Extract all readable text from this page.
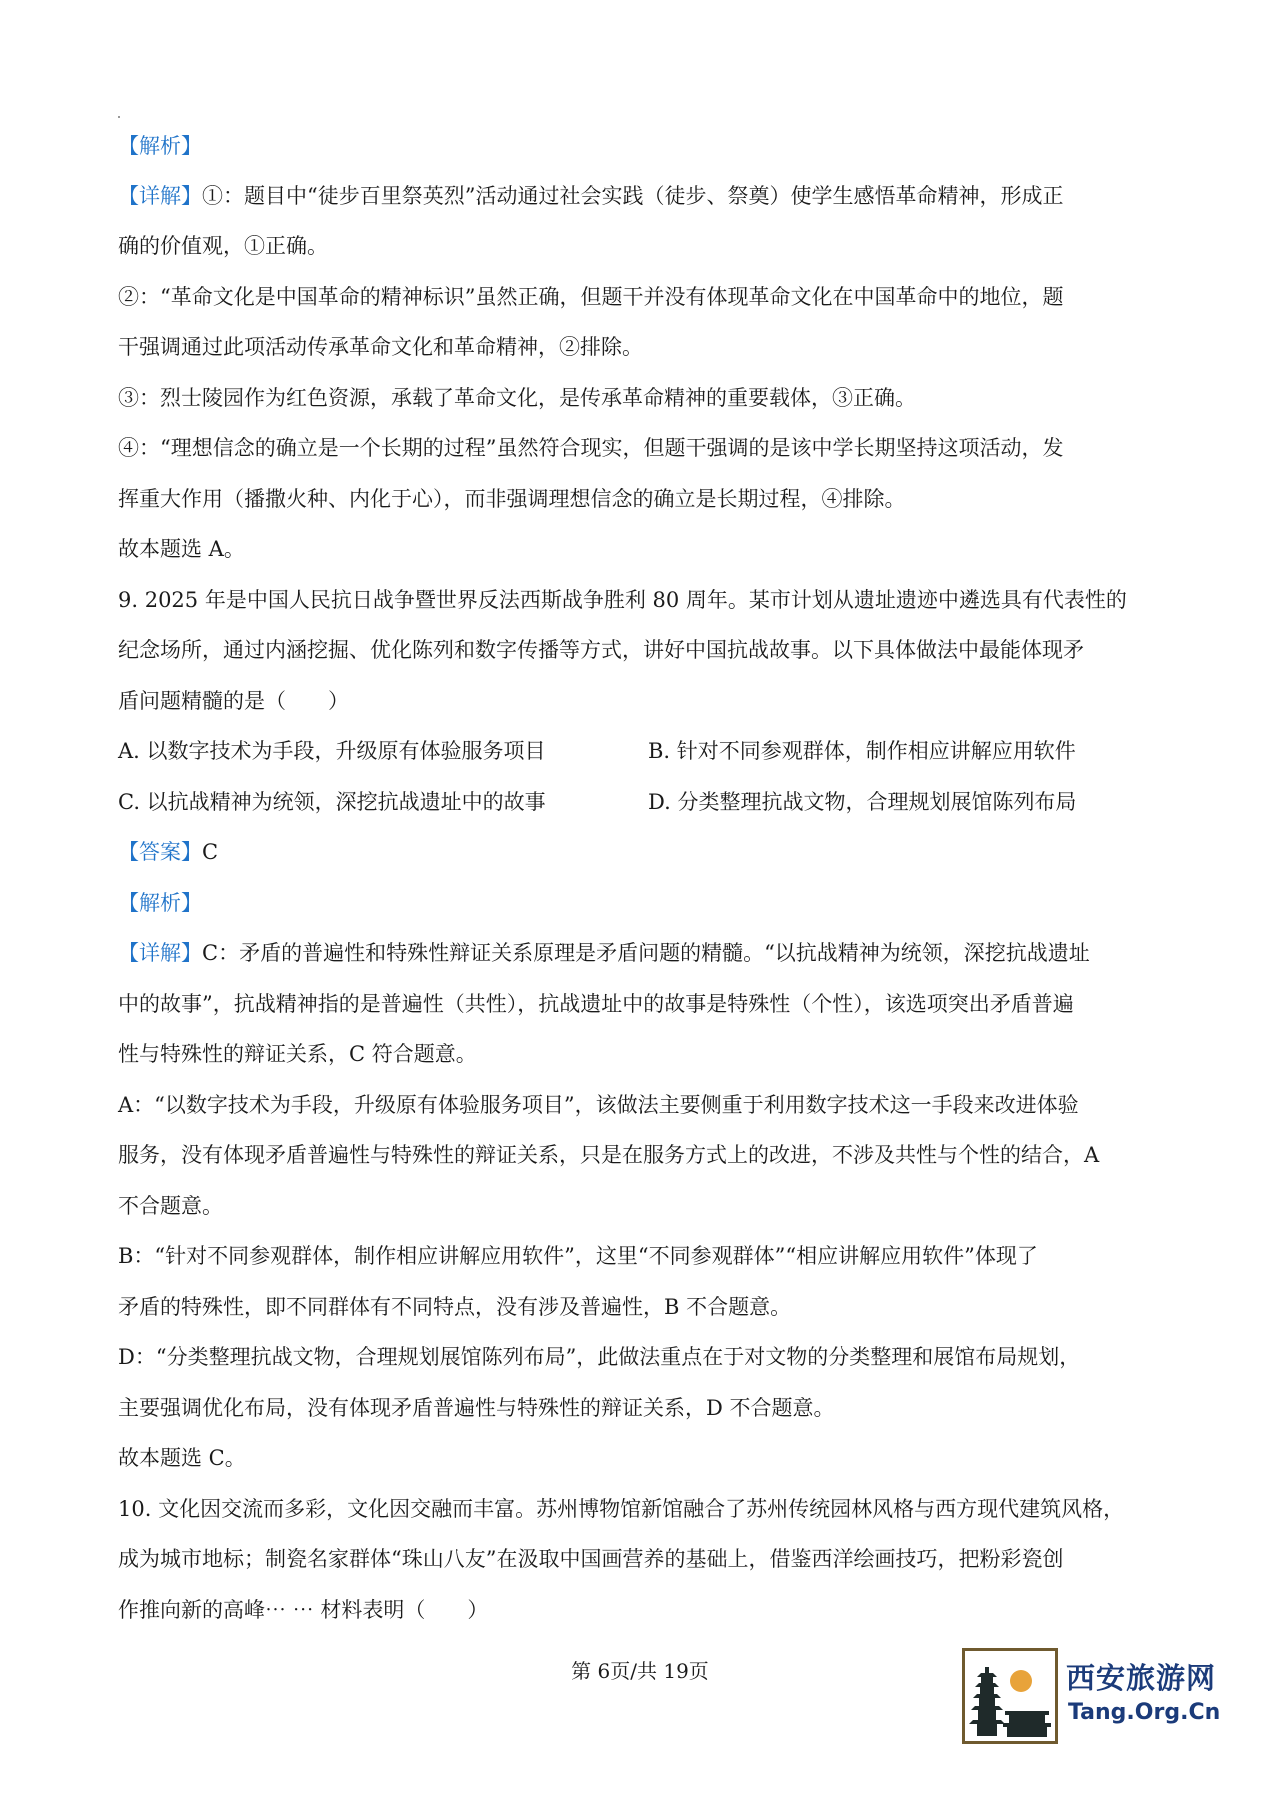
【解析】
【详解】①：题目中“徒步百里祭英烈”活动通过社会实践（徒步、祭奠）使学生感悟革命精神，形成正
确的价值观，①正确。
②：“革命文化是中国革命的精神标识”虽然正确，但题干并没有体现革命文化在中国革命中的地位，题
干强调通过此项活动传承革命文化和革命精神，②排除。
③：烈士陵园作为红色资源，承载了革命文化，是传承革命精神的重要载体，③正确。
④：“理想信念的确立是一个长期的过程”虽然符合现实，但题干强调的是该中学长期坚持这项活动，发
挥重大作用（播撒火种、内化于心），而非强调理想信念的确立是长期过程，④排除。
故本题选 A。
9. 2025 年是中国人民抗日战争暨世界反法西斯战争胜利 80 周年。某市计划从遗址遗迹中遴选具有代表性的
纪念场所，通过内涵挖掘、优化陈列和数字传播等方式，讲好中国抗战故事。以下具体做法中最能体现矛
盾问题精髓的是（　　）
A. 以数字技术为手段，升级原有体验服务项目	B. 针对不同参观群体，制作相应讲解应用软件
C. 以抗战精神为统领，深挖抗战遗址中的故事	D. 分类整理抗战文物，合理规划展馆陈列布局
【答案】C
【解析】
【详解】C：矛盾的普遍性和特殊性辩证关系原理是矛盾问题的精髓。“以抗战精神为统领，深挖抗战遗址
中的故事”，抗战精神指的是普遍性（共性），抗战遗址中的故事是特殊性（个性），该选项突出矛盾普遍
性与特殊性的辩证关系，C 符合题意。
A：“以数字技术为手段，升级原有体验服务项目”，该做法主要侧重于利用数字技术这一手段来改进体验
服务，没有体现矛盾普遍性与特殊性的辩证关系，只是在服务方式上的改进，不涉及共性与个性的结合，A
不合题意。
B：“针对不同参观群体，制作相应讲解应用软件”，这里“不同参观群体”“相应讲解应用软件”体现了
矛盾的特殊性，即不同群体有不同特点，没有涉及普遍性，B 不合题意。
D：“分类整理抗战文物，合理规划展馆陈列布局”，此做法重点在于对文物的分类整理和展馆布局规划，
主要强调优化布局，没有体现矛盾普遍性与特殊性的辩证关系，D 不合题意。
故本题选 C。
10. 文化因交流而多彩，文化因交融而丰富。苏州博物馆新馆融合了苏州传统园林风格与西方现代建筑风格，
成为城市地标；制瓷名家群体“珠山八友”在汲取中国画营养的基础上，借鉴西洋绘画技巧，把粉彩瓷创
作推向新的高峰⋯ ⋯ 材料表明（　　）
第 6页/共 19页	西安旅游网
Tang.Org.Cn
